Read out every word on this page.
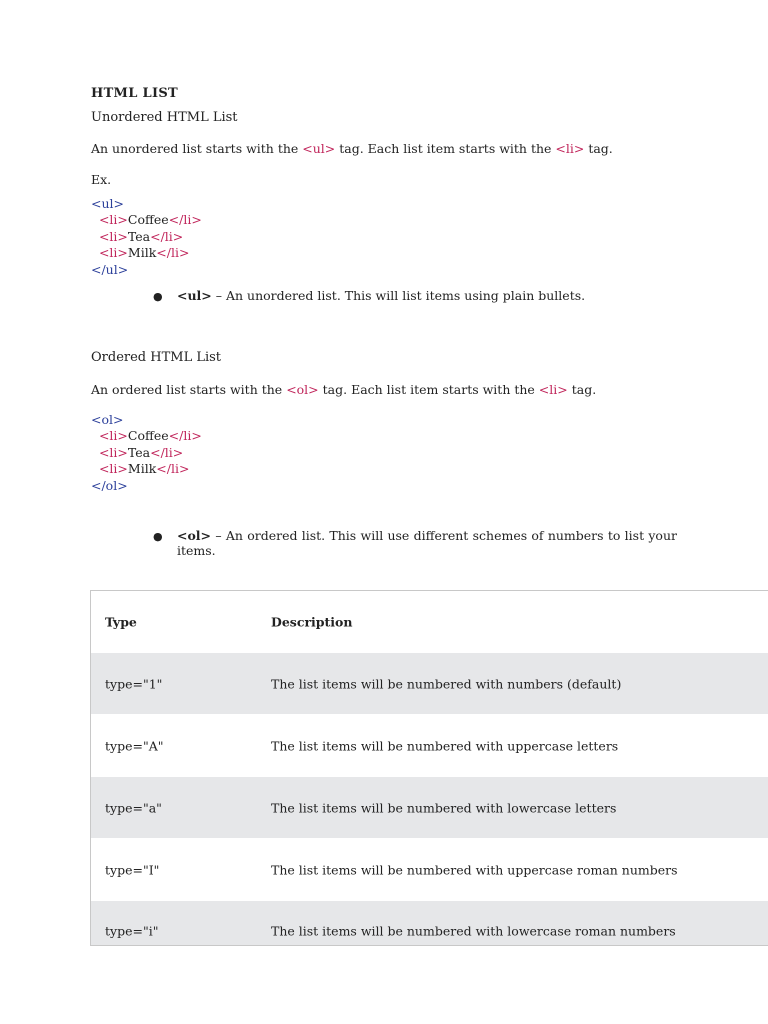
HTML LIST
Unordered HTML List
An unordered list starts with the <ul> tag. Each list item starts with the <li> tag.
Ex.
<ul>
<li>Coffee</li>
<li>Tea</li>
<li>Milk</li>
</ul>
● <ul> – An unordered list. This will list items using plain bullets.
Ordered HTML List
An ordered list starts with the <ol> tag. Each list item starts with the <li> tag.
<ol>
<li>Coffee</li>
<li>Tea</li>
<li>Milk</li>
</ol>
● <ol> – An ordered list. This will use different schemes of numbers to list your items.
Type	Description
type="1"	The list items will be numbered with numbers (default)
type="A"	The list items will be numbered with uppercase letters
type="a"	The list items will be numbered with lowercase letters
type="I"	The list items will be numbered with uppercase roman numbers
type="i"	The list items will be numbered with lowercase roman numbers
